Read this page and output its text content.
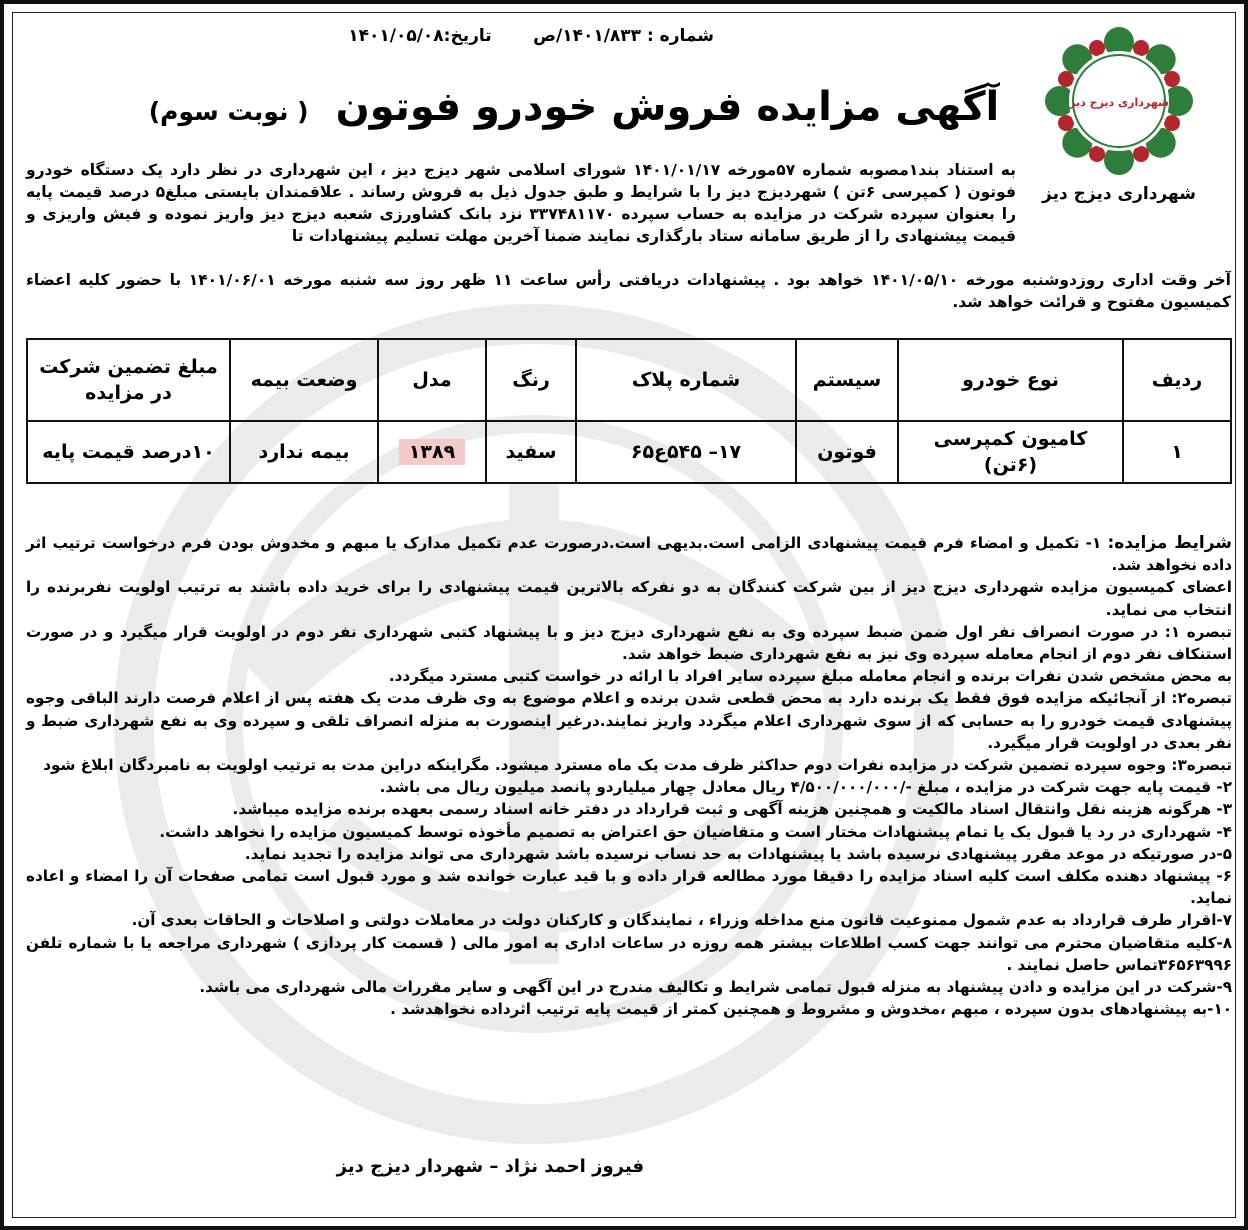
شماره : ۱۴۰۱/۸۳۳/ص       تاریخ:۱۴۰۱/۰۵/۰۸
شهرداری دیزج دیز
شهرداری دیزج دیز
آگهی مزایده فروش خودرو فوتون ( نوبت سوم)
به استناد بند۱مصوبه شماره ۵۷مورخه ۱۴۰۱/۰۱/۱۷ شورای اسلامی شهر دیزج دیز ، این شهرداری در نظر دارد یک دستگاه خودرو فوتون ( کمپرسی ۶تن ) شهردیزج دیز را با شرایط و طبق جدول ذیل به فروش رساند . علاقمندان بایستی مبلغ۵ درصد قیمت پایه را بعنوان سپرده شرکت در مزایده به حساب سپرده ۳۳۷۴۸۱۱۷۰ نزد بانک کشاورزی شعبه دیزج دیز واریز نموده و فیش واریزی و قیمت پیشنهادی را از طریق سامانه ستاد بارگذاری نمایند ضمنا آخرین مهلت تسلیم پیشنهادات تا
آخر وقت اداری روزدوشنبه مورخه ۱۴۰۱/۰۵/۱۰ خواهد بود . پیشنهادات دریافتی رأس ساعت ۱۱ ظهر روز سه شنبه مورخه ۱۴۰۱/۰۶/۰۱ با حضور کلیه اعضاء کمیسیون مفتوح و قرائت خواهد شد.
ردیف	نوع خودرو	سیستم	شماره پلاک	رنگ	مدل	وضعت بیمه	مبلغ تضمین شرکت در مزایده
۱	کامیون کمپرسی (۶تن)	فوتون	۱۷– ۵۴۵ع۶۵	سفید	۱۳۸۹	بیمه ندارد	۱۰درصد قیمت پایه

شرایط مزایده: ۱- تکمیل و امضاء فرم قیمت پیشنهادی الزامی است.بدیهی است.درصورت عدم تکمیل مدارک یا مبهم و مخدوش بودن فرم درخواست ترتیب اثر داده نخواهد شد.

اعضای کمیسیون مزایده شهرداری دیزج دیز از بین شرکت کنندگان به دو نفرکه بالاترین قیمت پیشنهادی را برای خرید داده باشند به ترتیب اولویت نفربرنده را انتخاب می نماید.

تبصره ۱: در صورت انصراف نفر اول ضمن ضبط سپرده وی به نفع شهرداری دیزج دیز و با پیشنهاد کتبی شهرداری نفر دوم در اولویت قرار میگیرد و در صورت استنکاف نفر دوم از انجام معامله سپرده وی نیز به نفع شهرداری ضبط خواهد شد.

به محض مشخص شدن نفرات برنده و انجام معامله مبلغ سپرده سایر افراد با ارائه در خواست کتبی مسترد میگردد.

تبصره۲: از آنجائیکه مزایده فوق فقط یک برنده دارد به محض قطعی شدن برنده و اعلام موضوع به وی ظرف مدت یک هفته پس از اعلام فرصت دارند الباقی وجوه پیشنهادی قیمت خودرو را به حسابی که از سوی شهرداری اعلام میگردد واریز نمایند.درغیر اینصورت به منزله انصراف تلقی و سپرده وی به نفع شهرداری ضبط و نفر بعدی در اولویت قرار میگیرد.

تبصره۳: وجوه سپرده تضمین شرکت در مزایده نفرات دوم حداکثر ظرف مدت یک ماه مسترد میشود. مگراینکه دراین مدت به ترتیب اولویت به نامبردگان ابلاغ شود

۲- قیمت پایه جهت شرکت در مزایده ، مبلغ -/۴/۵۰۰/۰۰۰/۰۰۰ ریال معادل چهار میلیاردو پانصد میلیون ریال می باشد.

۳- هرگونه هزینه نقل وانتقال اسناد مالکیت و همچنین هزینه آگهی و ثبت قرارداد در دفتر خانه اسناد رسمی بعهده برنده مزایده میباشد.

۴- شهرداری در رد یا قبول یک یا تمام پیشنهادات مختار است و متقاضیان حق اعتراض به تصمیم مأخوذه توسط کمیسیون مزایده را نخواهد داشت.

۵-در صورتیکه در موعد مقرر پیشنهادی نرسیده باشد یا پیشنهادات به حد نساب نرسیده باشد شهرداری می تواند مزایده را تجدید نماید.

۶- پیشنهاد دهنده مکلف است کلیه اسناد مزایده را دقیقا مورد مطالعه قرار داده و با قید عبارت خوانده شد و مورد قبول است تمامی صفحات آن را امضاء و اعاده نماید.

۷-اقرار طرف قرارداد به عدم شمول ممنوعیت قانون منع مداخله وزراء ، نمایندگان و کارکنان دولت در معاملات دولتی و اصلاحات و الحاقات بعدی آن.

۸-کلیه متقاضیان محترم می توانند جهت کسب اطلاعات بیشتر همه روزه در ساعات اداری به امور مالی ( قسمت کار پردازی ) شهرداری مراجعه یا با شماره تلفن ۳۶۵۶۳۹۹۶تماس حاصل نمایند .

۹-شرکت در این مزایده و دادن پیشنهاد به منزله قبول تمامی شرایط و تکالیف مندرج در این آگهی و سایر مقررات مالی شهرداری می باشد.

۱۰-به پیشنهادهای بدون سپرده ، مبهم ،مخدوش و مشروط و همچنین کمتر از قیمت پایه ترتیب اثرداده نخواهدشد .

فیروز احمد نژاد – شهردار دیزج دیز
